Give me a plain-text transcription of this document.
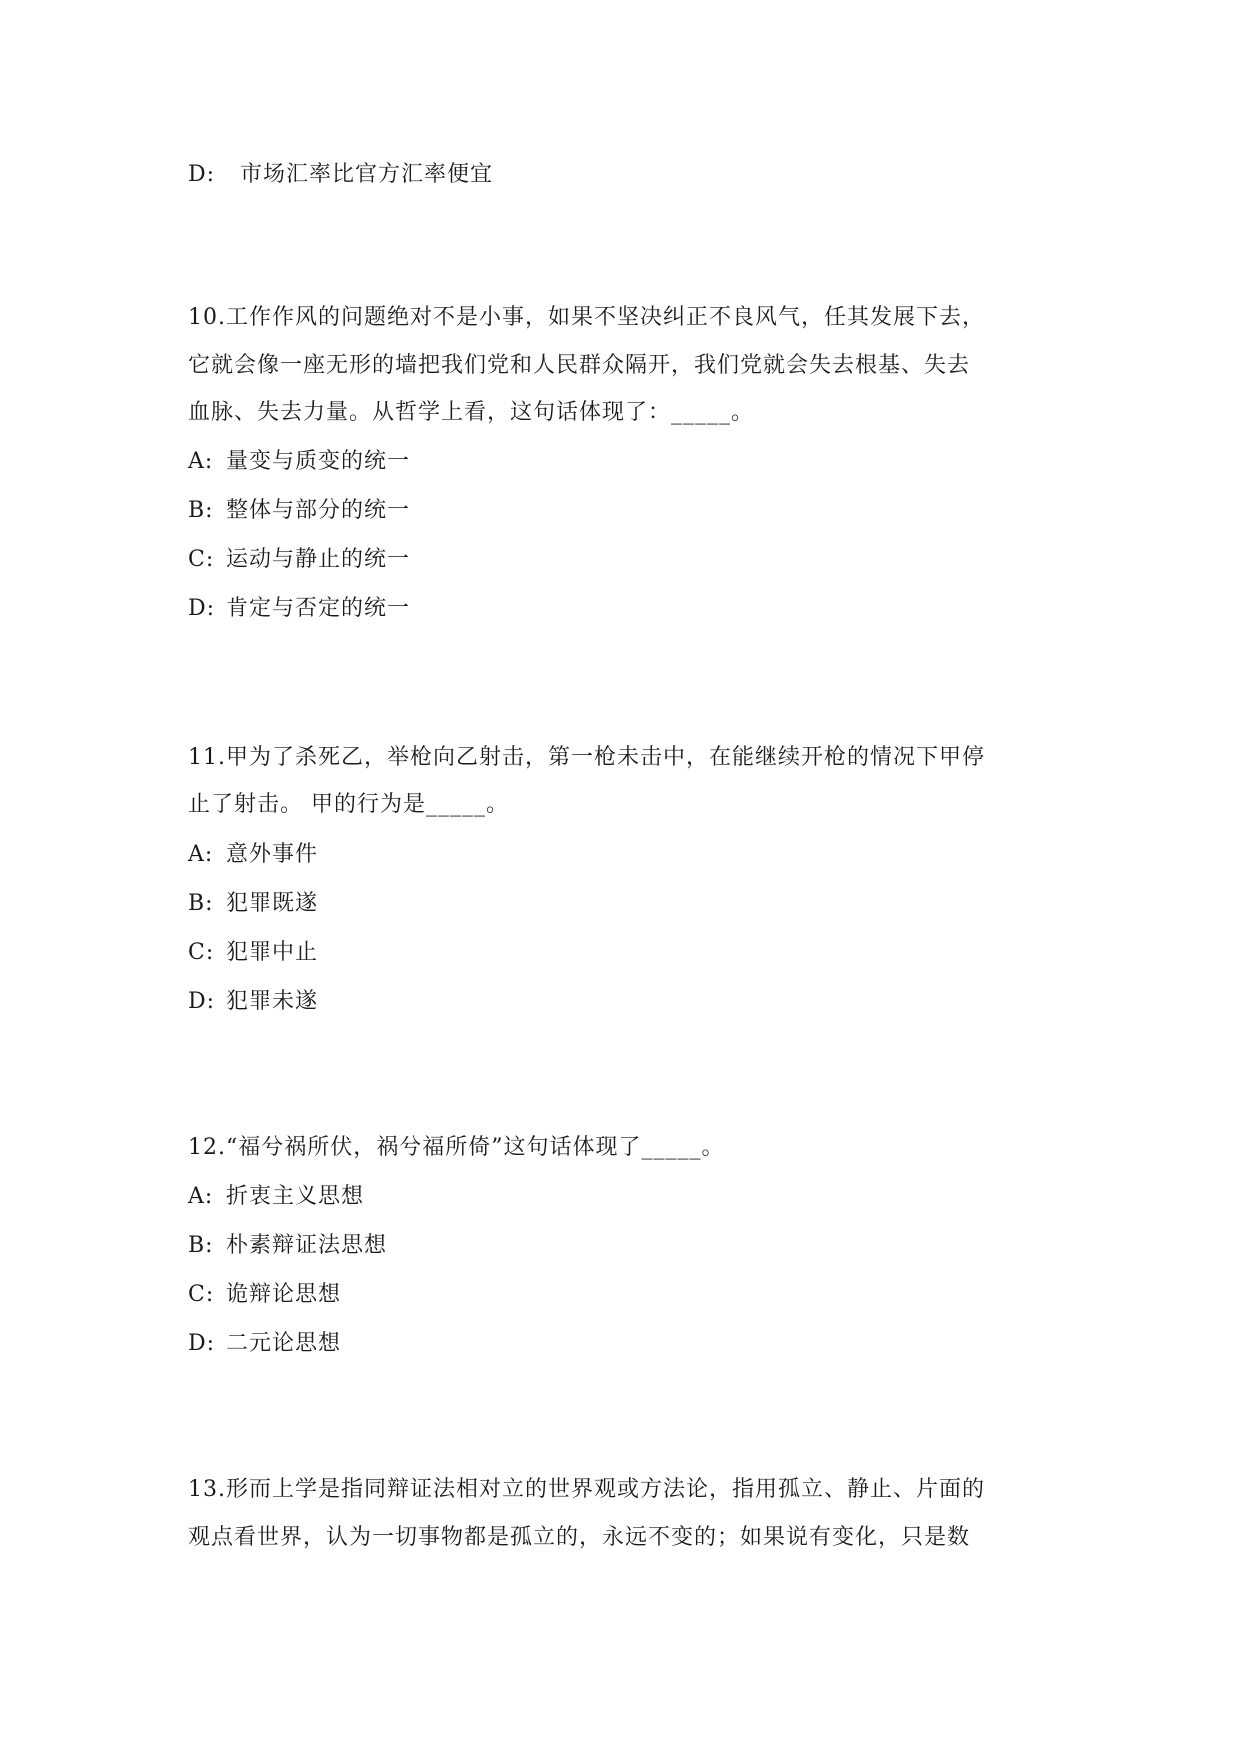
D: 市场汇率比官方汇率便宜
10.工作作风的问题绝对不是小事，如果不坚决纠正不良风气，任其发展下去，
它就会像一座无形的墙把我们党和人民群众隔开，我们党就会失去根基、失去
血脉、失去力量。从哲学上看，这句话体现了：_____。
A: 量变与质变的统一
B: 整体与部分的统一
C: 运动与静止的统一
D: 肯定与否定的统一
11.甲为了杀死乙，举枪向乙射击，第一枪未击中，在能继续开枪的情况下甲停
止了射击。 甲的行为是_____。
A: 意外事件
B: 犯罪既遂
C: 犯罪中止
D: 犯罪未遂
12.“福兮祸所伏，祸兮福所倚”这句话体现了_____。
A: 折衷主义思想
B: 朴素辩证法思想
C: 诡辩论思想
D: 二元论思想
13.形而上学是指同辩证法相对立的世界观或方法论，指用孤立、静止、片面的
观点看世界，认为一切事物都是孤立的，永远不变的；如果说有变化，只是数
